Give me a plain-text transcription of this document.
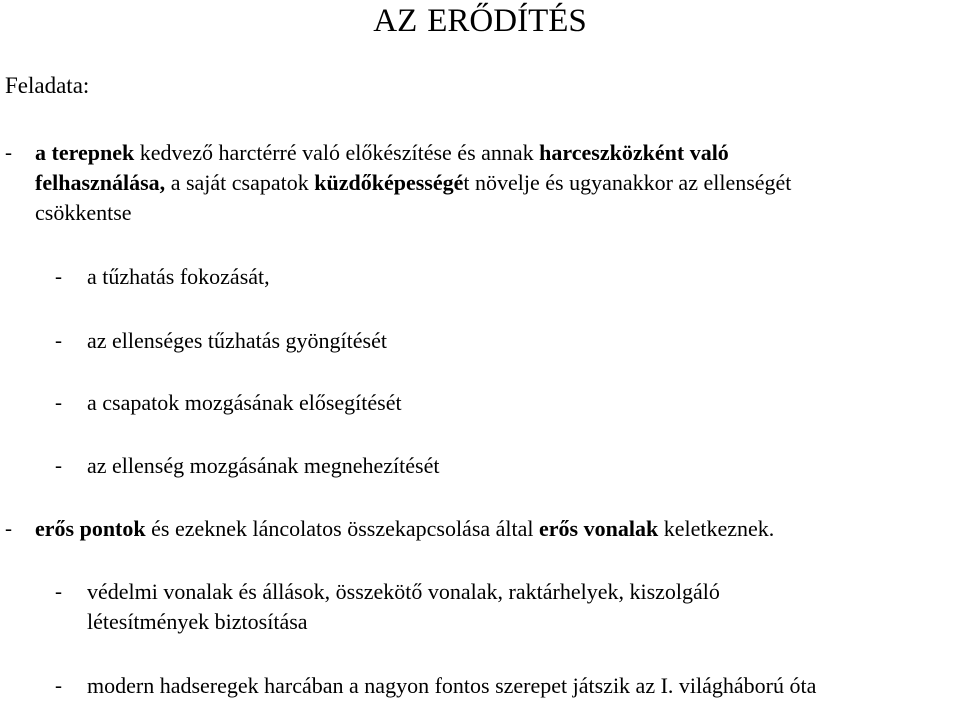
AZ ERŐDÍTÉS
Feladata:
- a terepnek kedvező harctérré való előkészítése és annak harceszközként való
felhasználása, a saját csapatok küzdőképességét növelje és ugyanakkor az ellenségét
csökkentse
- a tűzhatás fokozását,
- az ellenséges tűzhatás gyöngítését
- a csapatok mozgásának elősegítését
- az ellenség mozgásának megnehezítését
- erős pontok és ezeknek láncolatos összekapcsolása által erős vonalak keletkeznek.
- védelmi vonalak és állások, összekötő vonalak, raktárhelyek, kiszolgáló
létesítmények biztosítása
- modern hadseregek harcában a nagyon fontos szerepet játszik az I. világháború óta
